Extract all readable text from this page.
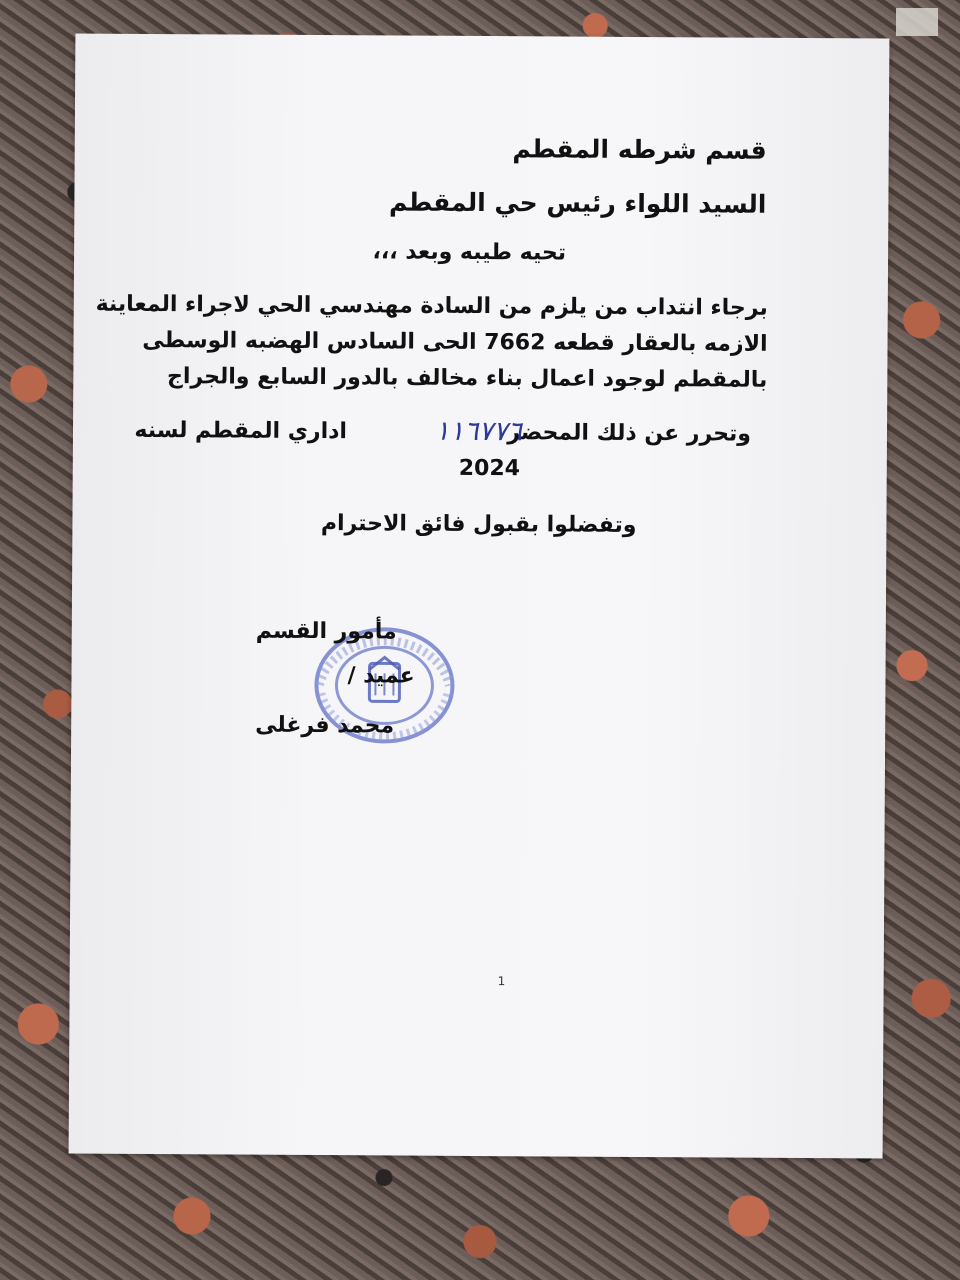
قسم شرطه المقطم
السيد اللواء رئيس حي المقطم
تحيه طيبه وبعد ،،،
برجاء انتداب من يلزم من السادة مهندسي الحي لاجراء المعاينة
الازمه بالعقار قطعه 7662 الحى السادس الهضبه الوسطى
بالمقطم لوجود اعمال بناء مخالف بالدور السابع والجراج
وتحرر عن ذلك المحضر
١١٦٧٧٦
اداري المقطم لسنه
2024
وتفضلوا بقبول فائق الاحترام
مأمور القسم
عميد /
محمد فرغلى
1
